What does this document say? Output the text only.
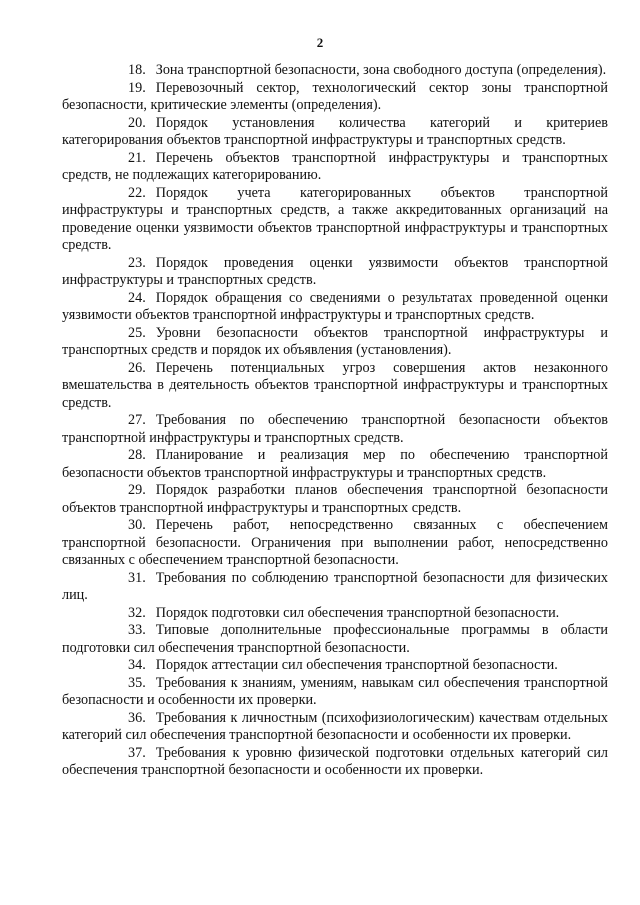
2

18. Зона транспортной безопасности, зона свободного доступа (определения).

19. Перевозочный сектор, технологический сектор зоны транспортной безопасности, критические элементы (определения).

20. Порядок установления количества категорий и критериев категорирования объектов транспортной инфраструктуры и транспортных средств.

21. Перечень объектов транспортной инфраструктуры и транспортных средств, не подлежащих категорированию.

22. Порядок учета категорированных объектов транспортной инфраструктуры и транспортных средств, а также аккредитованных организаций на проведение оценки уязвимости объектов транспортной инфраструктуры и транспортных средств.

23. Порядок проведения оценки уязвимости объектов транспортной инфраструктуры и транспортных средств.

24. Порядок обращения со сведениями о результатах проведенной оценки уязвимости объектов транспортной инфраструктуры и транспортных средств.

25. Уровни безопасности объектов транспортной инфраструктуры и транспортных средств и порядок их объявления (установления).

26. Перечень потенциальных угроз совершения актов незаконного вмешательства в деятельность объектов транспортной инфраструктуры и транспортных средств.

27. Требования по обеспечению транспортной безопасности объектов транспортной инфраструктуры и транспортных средств.

28. Планирование и реализация мер по обеспечению транспортной безопасности объектов транспортной инфраструктуры и транспортных средств.

29. Порядок разработки планов обеспечения транспортной безопасности объектов транспортной инфраструктуры и транспортных средств.

30. Перечень работ, непосредственно связанных с обеспечением транспортной безопасности. Ограничения при выполнении работ, непосредственно связанных с обеспечением транспортной безопасности.

31. Требования по соблюдению транспортной безопасности для физических лиц.

32. Порядок подготовки сил обеспечения транспортной безопасности.

33. Типовые дополнительные профессиональные программы в области подготовки сил обеспечения транспортной безопасности.

34. Порядок аттестации сил обеспечения транспортной безопасности.

35. Требования к знаниям, умениям, навыкам сил обеспечения транспортной безопасности и особенности их проверки.

36. Требования к личностным (психофизиологическим) качествам отдельных категорий сил обеспечения транспортной безопасности и особенности их проверки.

37. Требования к уровню физической подготовки отдельных категорий сил обеспечения транспортной безопасности и особенности их проверки.
